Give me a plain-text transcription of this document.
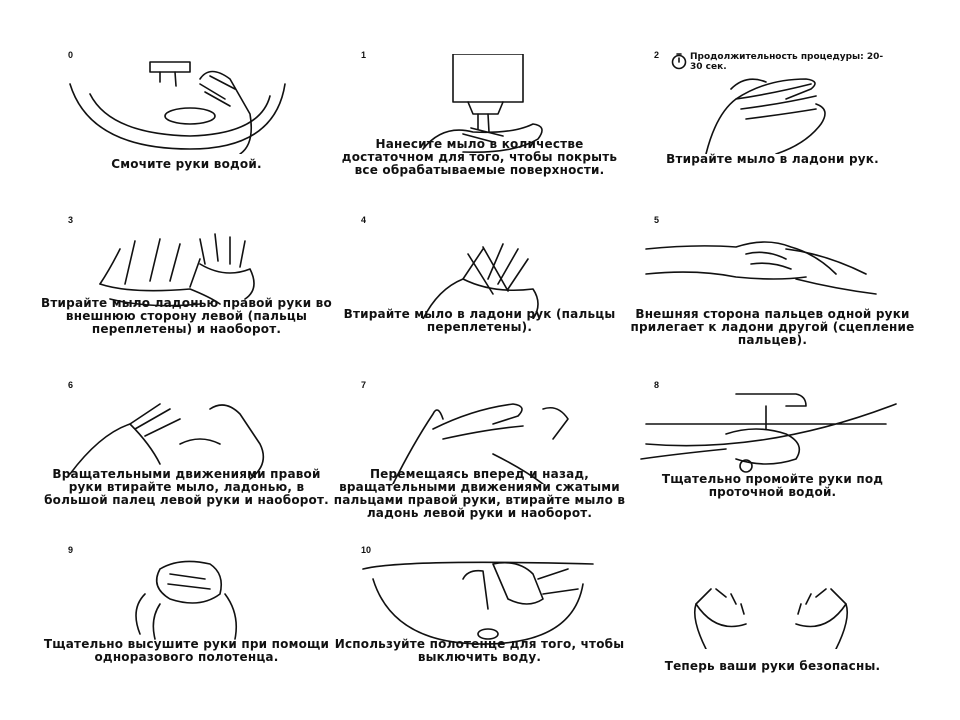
0
Смочите руки водой.
1
Нанесите мыло в количестве достаточном для того, чтобы покрыть все обрабатываемые поверхности.
2
Втирайте мыло в ладони рук.
3
Втирайте мыло ладонью правой руки во внешнюю сторону левой (пальцы переплетены) и наоборот.
4
Втирайте мыло в ладони рук (пальцы переплетены).
5
Внешняя сторона пальцев одной руки прилегает к ладони другой (сцепление пальцев).
6
Вращательными движениями правой руки втирайте мыло, ладонью, в большой палец левой руки и наоборот.
7
Перемещаясь вперед и назад, вращательными движениями сжатыми пальцами правой руки, втирайте мыло в ладонь левой руки и наоборот.
8
Тщательно промойте руки под проточной водой.
9
Тщательно высушите руки при помощи одноразового полотенца.
10
Используйте полотенце для того, чтобы выключить воду.
Теперь ваши руки безопасны.
Продолжительность процедуры: 20-30 сек.
